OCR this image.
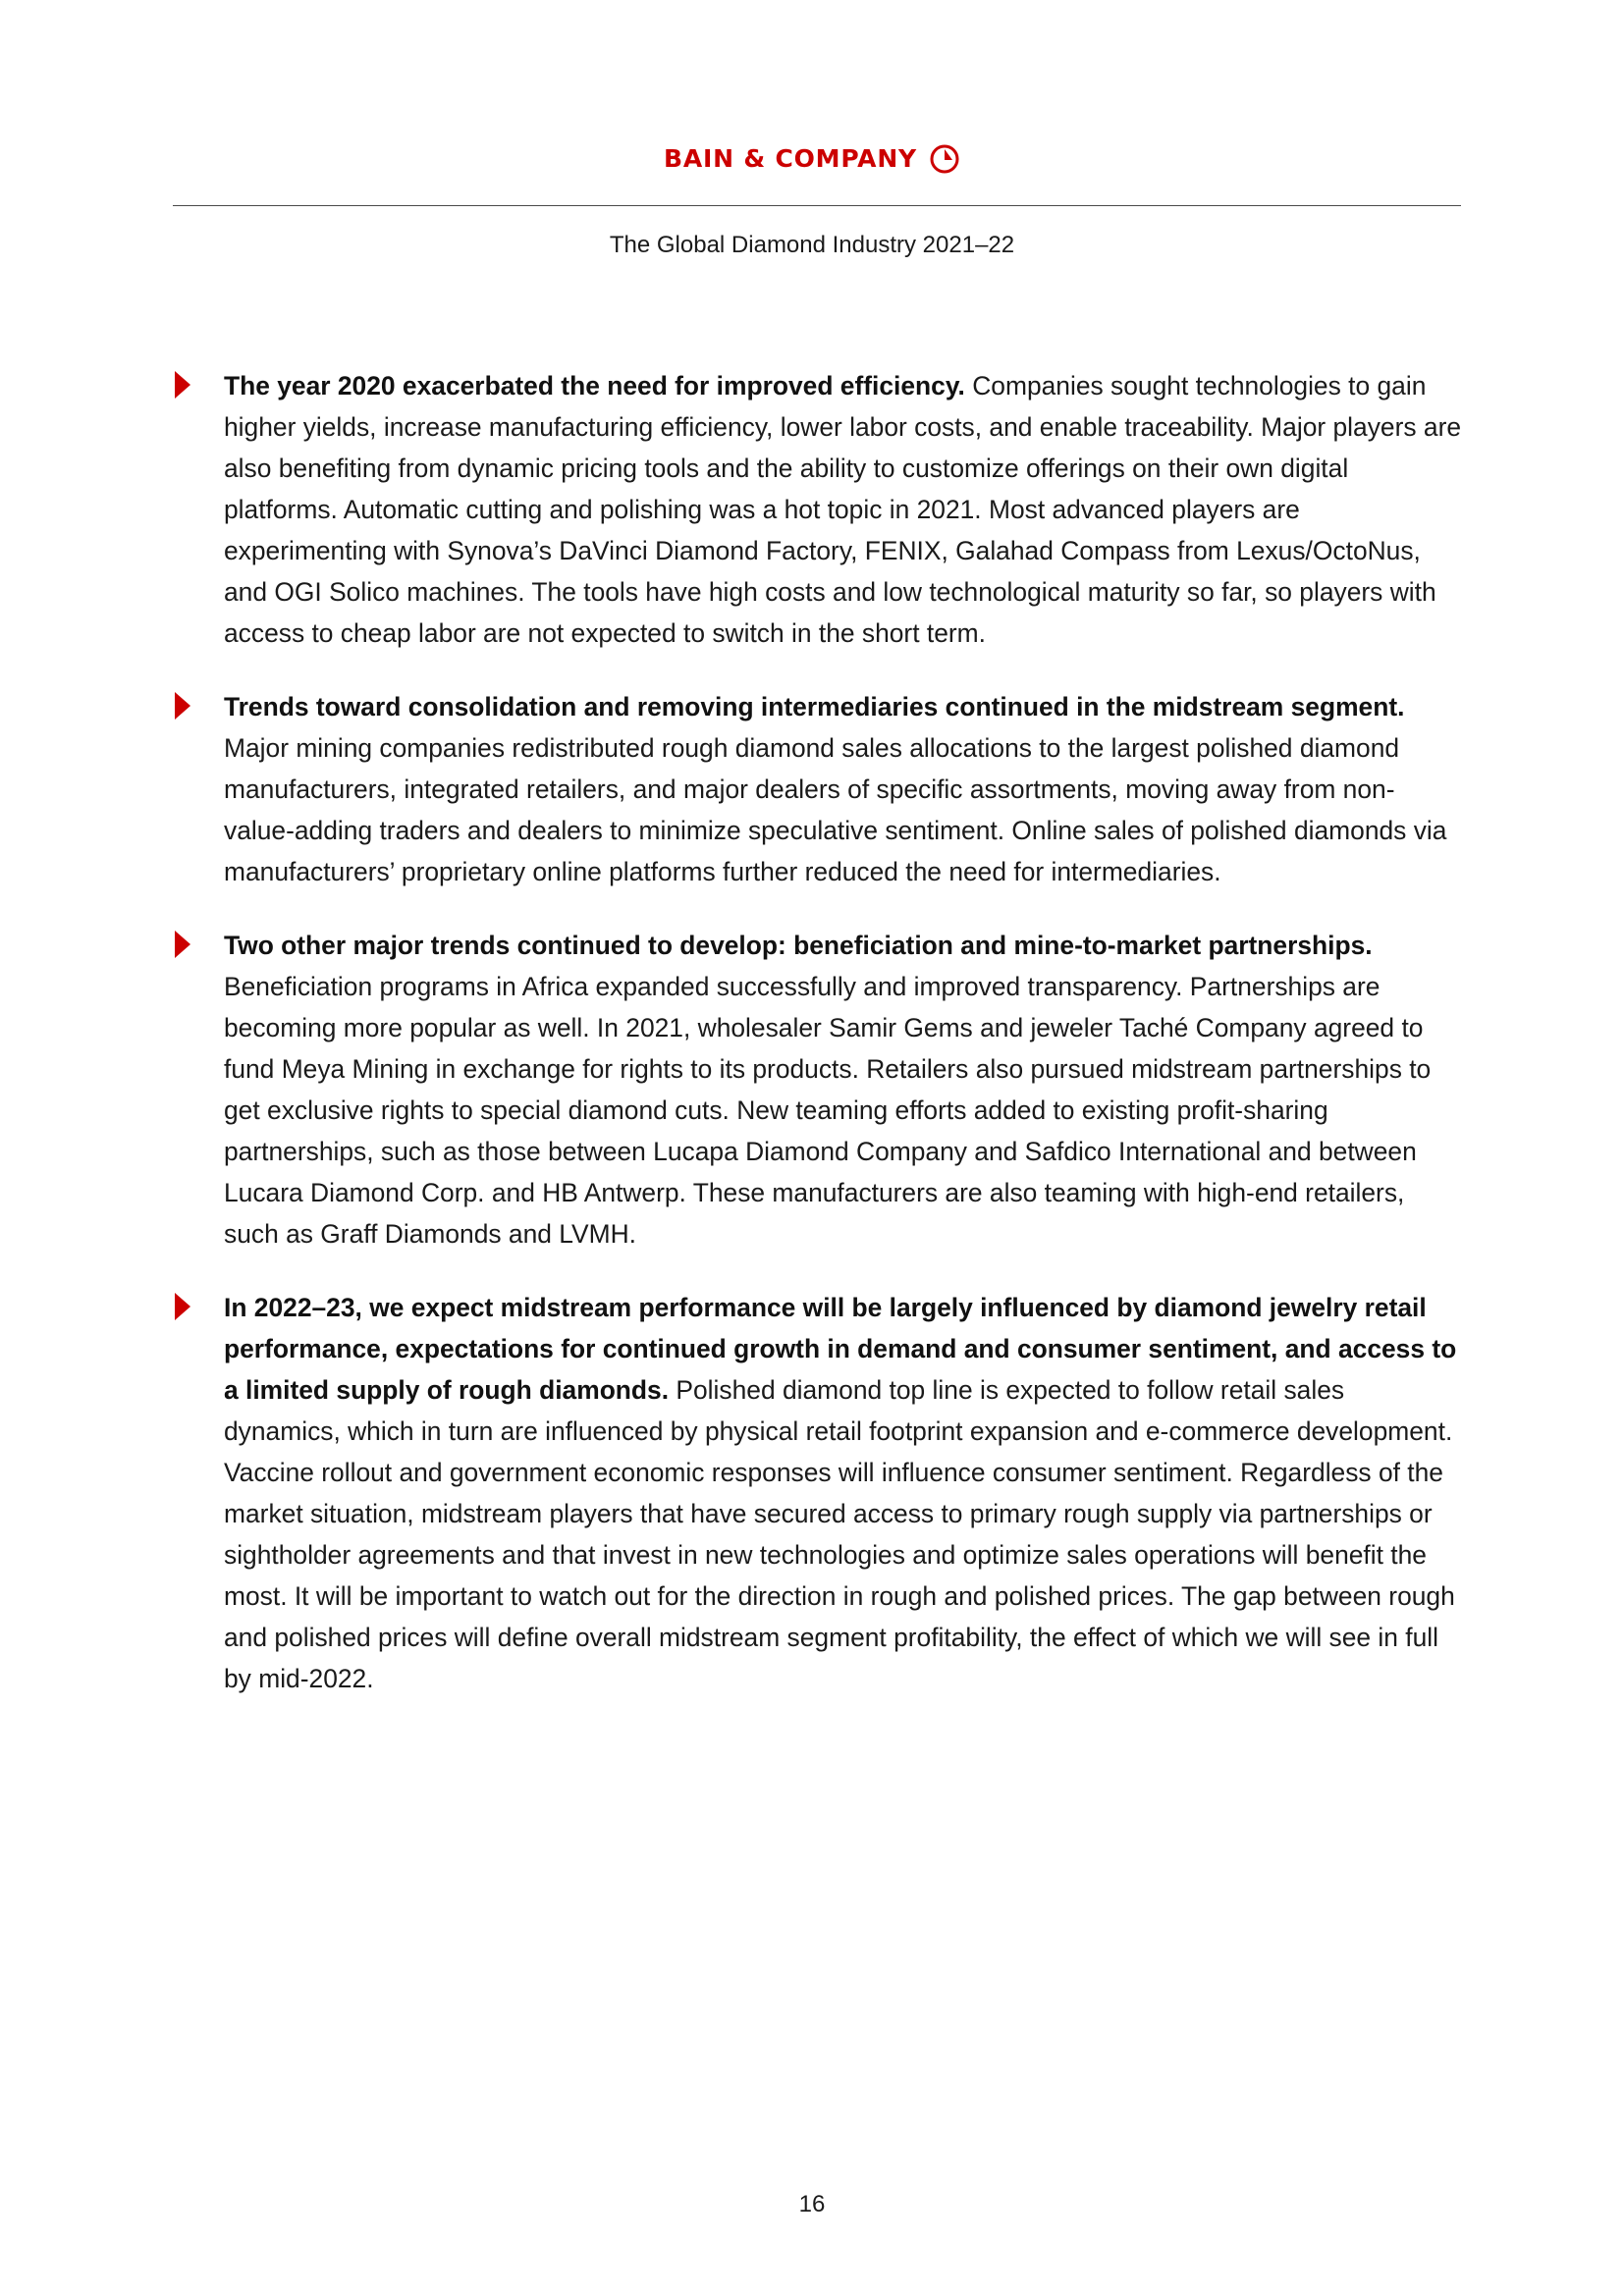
BAIN & COMPANY
The Global Diamond Industry 2021–22
The year 2020 exacerbated the need for improved efficiency. Companies sought technologies to gain higher yields, increase manufacturing efficiency, lower labor costs, and enable traceability. Major players are also benefiting from dynamic pricing tools and the ability to customize offerings on their own digital platforms. Automatic cutting and polishing was a hot topic in 2021. Most advanced players are experimenting with Synova’s DaVinci Diamond Factory, FENIX, Galahad Compass from Lexus/OctoNus, and OGI Solico machines. The tools have high costs and low technological maturity so far, so players with access to cheap labor are not expected to switch in the short term.
Trends toward consolidation and removing intermediaries continued in the midstream segment. Major mining companies redistributed rough diamond sales allocations to the largest polished diamond manufacturers, integrated retailers, and major dealers of specific assortments, moving away from non-value-adding traders and dealers to minimize speculative sentiment. Online sales of polished diamonds via manufacturers’ proprietary online platforms further reduced the need for intermediaries.
Two other major trends continued to develop: beneficiation and mine-to-market partnerships. Beneficiation programs in Africa expanded successfully and improved transparency. Partnerships are becoming more popular as well. In 2021, wholesaler Samir Gems and jeweler Taché Company agreed to fund Meya Mining in exchange for rights to its products. Retailers also pursued midstream partnerships to get exclusive rights to special diamond cuts. New teaming efforts added to existing profit-sharing partnerships, such as those between Lucapa Diamond Company and Safdico International and between Lucara Diamond Corp. and HB Antwerp. These manufacturers are also teaming with high-end retailers, such as Graff Diamonds and LVMH.
In 2022–23, we expect midstream performance will be largely influenced by diamond jewelry retail performance, expectations for continued growth in demand and consumer sentiment, and access to a limited supply of rough diamonds. Polished diamond top line is expected to follow retail sales dynamics, which in turn are influenced by physical retail footprint expansion and e-commerce development. Vaccine rollout and government economic responses will influence consumer sentiment. Regardless of the market situation, midstream players that have secured access to primary rough supply via partnerships or sightholder agreements and that invest in new technologies and optimize sales operations will benefit the most. It will be important to watch out for the direction in rough and polished prices. The gap between rough and polished prices will define overall midstream segment profitability, the effect of which we will see in full by mid-2022.
16
